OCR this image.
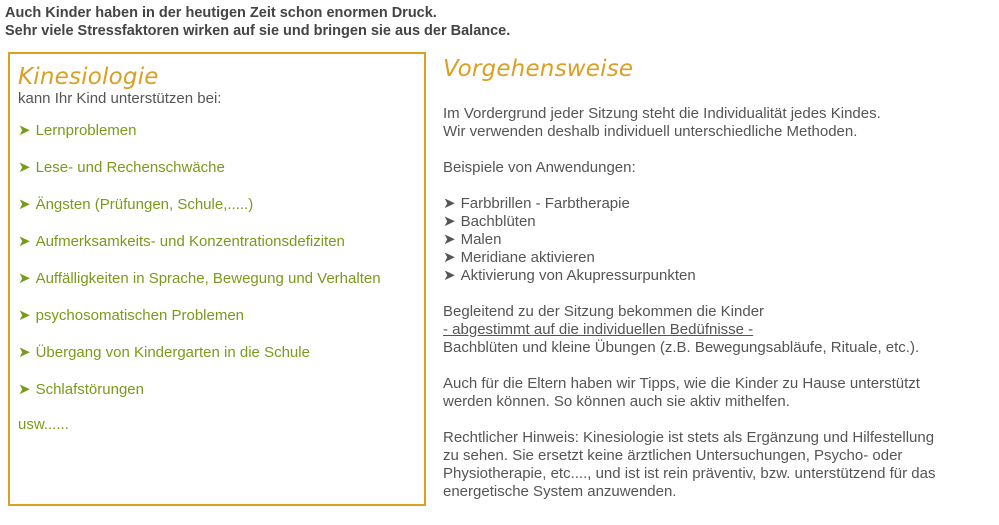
Auch Kinder haben in der heutigen Zeit schon enormen Druck.

Sehr viele Stressfaktoren wirken auf sie und bringen sie aus der Balance.

Kinesiologie

kann Ihr Kind unterstützen bei:

➤ Lernproblemen
➤ Lese- und Rechenschwäche
➤ Ängsten (Prüfungen, Schule,.....)
➤ Aufmerksamkeits- und Konzentrationsdefiziten
➤ Auffälligkeiten in Sprache, Bewegung und Verhalten
➤ psychosomatischen Problemen
➤ Übergang von Kindergarten in die Schule
➤ Schlafstörungen
usw......
Vorgehensweise

Im Vordergrund jeder Sitzung steht die Individualität jedes Kindes.
Wir verwenden deshalb individuell unterschiedliche Methoden.

Beispiele von Anwendungen:

➤ Farbbrillen - Farbtherapie
➤ Bachblüten
➤ Malen
➤ Meridiane aktivieren
➤ Aktivierung von Akupressurpunkten

Begleitend zu der Sitzung bekommen die Kinder
- abgestimmt auf die individuellen Bedüfnisse -
Bachblüten und kleine Übungen (z.B. Bewegungsabläufe, Rituale, etc.).

Auch für die Eltern haben wir Tipps, wie die Kinder zu Hause unterstützt
werden können. So können auch sie aktiv mithelfen.

Rechtlicher Hinweis: Kinesiologie ist stets als Ergänzung und Hilfestellung
zu sehen. Sie ersetzt keine ärztlichen Untersuchungen, Psycho- oder
Physiotherapie, etc...., und ist ist rein präventiv, bzw. unterstützend für das
energetische System anzuwenden.
